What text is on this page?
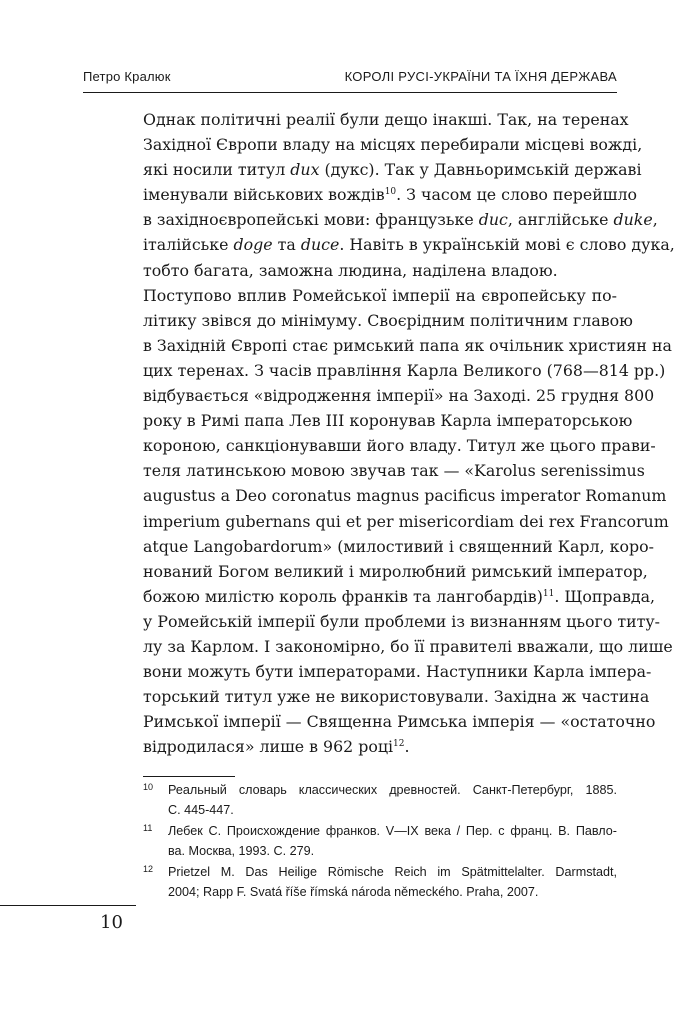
Петро Кралюк	КОРОЛІ РУСІ-УКРАЇНИ ТА ЇХНЯ ДЕРЖАВА
Однак політичні реалії були дещо інакші. Так, на теренах
Західної Європи владу на місцях перебирали місцеві вожді,
які носили титул dux (дукс). Так у Давньоримській державі
іменували військових вождів$^{10}$. З часом це слово перейшло
в західноєвропейські мови: французьке duc, англійське duke,
італійське doge та duce. Навіть в українській мові є слово дука,
тобто багата, заможна людина, наділена владою.
Поступово вплив Ромейської імперії на європейську по-
літику звівся до мінімуму. Своєрідним політичним главою
в Західній Європі стає римський папа як очільник християн на
цих теренах. З часів правління Карла Великого (768—814 рр.)
відбувається «відродження імперії» на Заході. 25 грудня 800
року в Римі папа Лев ІІІ коронував Карла імператорською
короною, санкціонувавши його владу. Титул же цього прави-
теля латинською мовою звучав так — «Karolus serenissimus
augustus a Deo coronatus magnus pacificus imperator Romanum
imperium gubernans qui et per misericordiam dei rex Francorum
atque Langobardorum» (милостивий і священний Карл, коро-
нований Богом великий і миролюбний римський імператор,
божою милістю король франків та лангобардів)$^{11}$. Щоправда,
у Ромейській імперії були проблеми із визнанням цього титу-
лу за Карлом. І закономірно, бо її правителі вважали, що лише
вони можуть бути імператорами. Наступники Карла імпера-
торський титул уже не використовували. Західна ж частина
Римської імперії — Священна Римська імперія — «остаточно
відродилася» лише в 962 році$^{12}$.
10 Реальный словарь классических древностей. Санкт-Петербург, 1885.
С. 445-447.
11 Лебек С. Происхождение франков. V—IX века / Пер. с франц. В. Павло-
ва. Москва, 1993. С. 279.
12 Prietzel M. Das Heilige Römische Reich im Spätmittelalter. Darmstadt,
2004; Rapp F. Svatá říše římská národa německého. Praha, 2007.
10
